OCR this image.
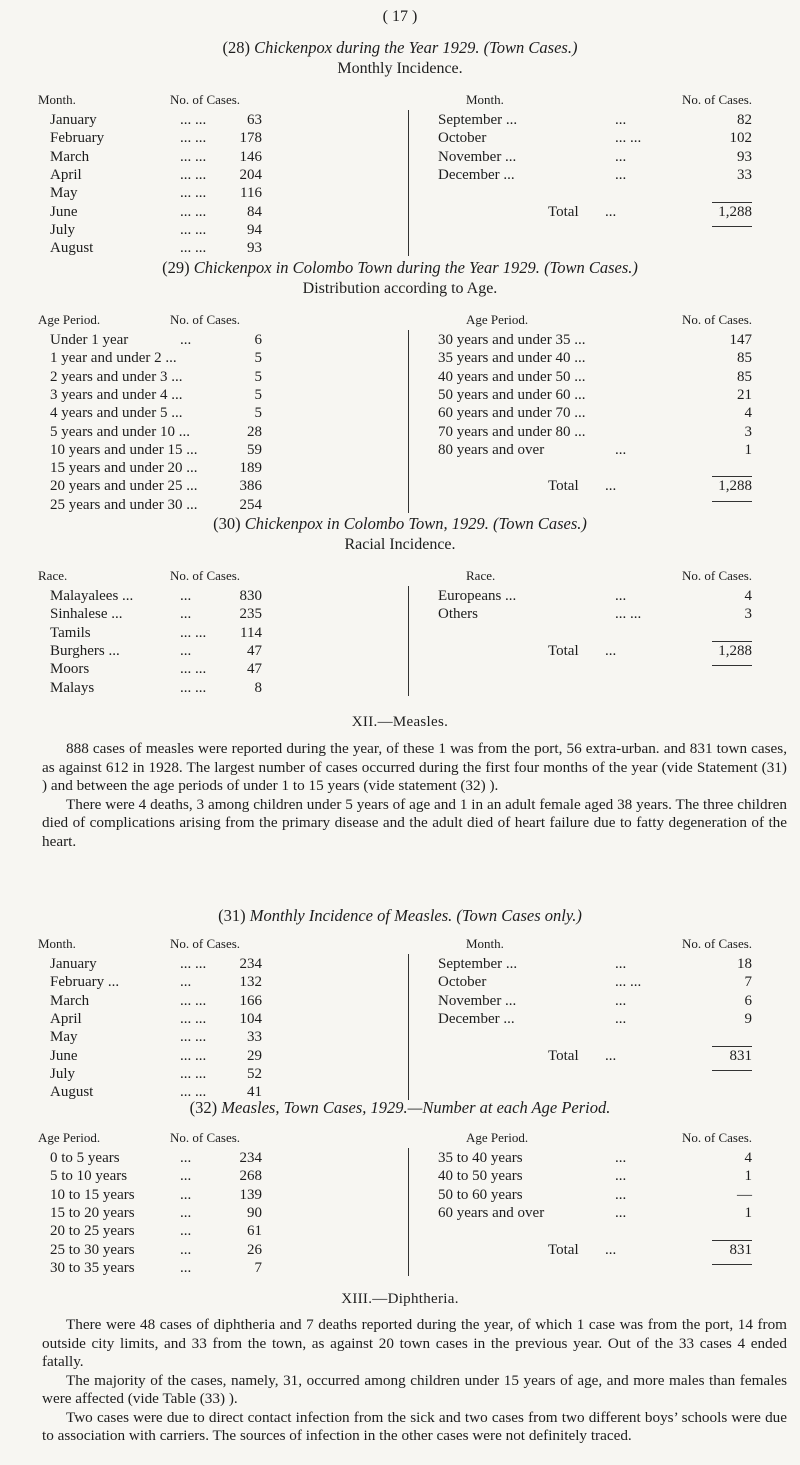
( 17 )
(28) Chickenpox during the Year 1929. (Town Cases.)
Monthly Incidence.
Month.	No. of Cases.	Month.	No. of Cases.
January	... ...	63
February	... ... 178
March	... ... 146
April	... ... 204
May	... ... 116
June	... ...	84
July	... ...	94
August	... ...	93
September ...	...	82
October	... ...	102
November ...	...	93
December ...	...	33
Total ...	1,288
(29) Chickenpox in Colombo Town during the Year 1929. (Town Cases.)
Distribution according to Age.
Age Period.	No. of Cases.	Age Period.	No. of Cases.
Under 1 year	...	6
1 year and under 2 ...	5
2 years and under 3 ...	5
3 years and under 4 ...	5
4 years and under 5 ...	5
5 years and under 10 ...	28
10 years and under 15 ...	59
15 years and under 20 ...	189
20 years and under 25 ...	386
25 years and under 30 ...	254
30 years and under 35 ...	147
35 years and under 40 ...	85
40 years and under 50 ...	85
50 years and under 60 ...	21
60 years and under 70 ...	4
70 years and under 80 ...	3
80 years and over	...	1
Total ...	1,288
(30) Chickenpox in Colombo Town, 1929. (Town Cases.)
Racial Incidence.
Race.	No. of Cases.	Race.	No. of Cases.
Malayalees ...	...	830
Sinhalese ...	...	235
Tamils	... ... 114
Burghers ...	...	47
Moors	... ...	47
Malays	... ...	8
Europeans ...	...	4
Others	... ...	3
Total ...	1,288
XII.—Measles.

888 cases of measles were reported during the year, of these 1 was from the port, 56 extra-urban. and 831 town cases, as against 612 in 1928. The largest number of cases occurred during the first four months of the year (vide Statement (31) ) and between the age periods of under 1 to 15 years (vide statement (32) ).

There were 4 deaths, 3 among children under 5 years of age and 1 in an adult female aged 38 years. The three children died of complications arising from the primary disease and the adult died of heart failure due to fatty degeneration of the heart.

(31) Monthly Incidence of Measles. (Town Cases only.)
Month.	No. of Cases.	Month.	No. of Cases.
January	... ... 234
February ...	...	132
March	... ... 166
April	... ... 104
May	... ...	33
June	... ...	29
July	... ...	52
August	... ...	41
September ...	...	18
October	... ...	7
November ...	...	6
December ...	...	9
Total ...	831
(32) Measles, Town Cases, 1929.—Number at each Age Period.
Age Period.	No. of Cases.	Age Period.	No. of Cases.
0 to 5 years	...	234
5 to 10 years	...	268
10 to 15 years	...	139
15 to 20 years	...	90
20 to 25 years	...	61
25 to 30 years	...	26
30 to 35 years	...	7
35 to 40 years	...	4
40 to 50 years	...	1
50 to 60 years	...	—
60 years and over	...	1
Total ...	831
XIII.—Diphtheria.

There were 48 cases of diphtheria and 7 deaths reported during the year, of which 1 case was from the port, 14 from outside city limits, and 33 from the town, as against 20 town cases in the previous year. Out of the 33 cases 4 ended fatally.

The majority of the cases, namely, 31, occurred among children under 15 years of age, and more males than females were affected (vide Table (33) ).

Two cases were due to direct contact infection from the sick and two cases from two different boys’ schools were due to association with carriers. The sources of infection in the other cases were not definitely traced.
